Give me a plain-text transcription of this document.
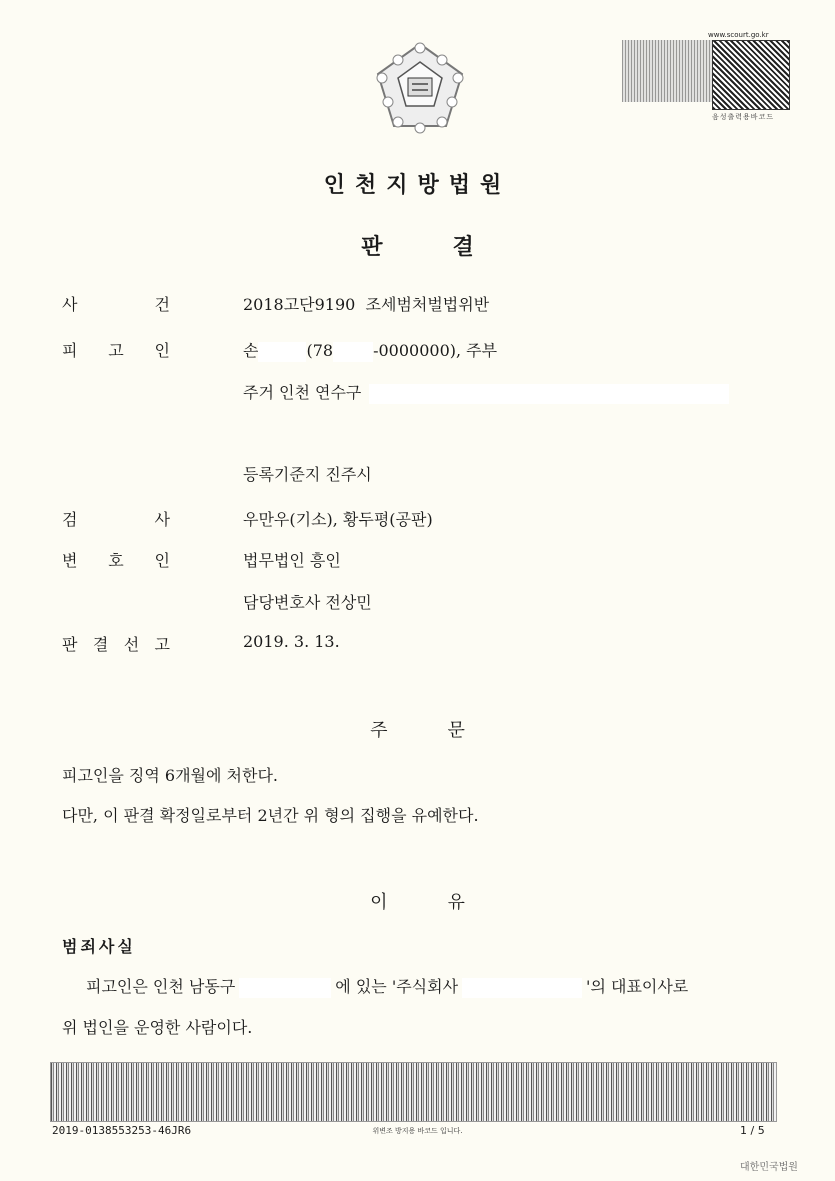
www.scourt.go.kr
음성출력용바코드
인천지방법원
판결
사	건	2018고단9190 조세범처벌법위반
피 고 인	손	(78	-0000000), 주부
주거 인천 연수구
등록기준지 진주시
검	사	우만우(기소), 황두평(공판)
변 호 인	법무법인 흥인
담당변호사 전상민
판 결 선 고	2019. 3. 13.
주문
피고인을 징역 6개월에 처한다.
다만, 이 판결 확정일로부터 2년간 위 형의 집행을 유예한다.
이유
범죄사실
피고인은 인천 남동구	에 있는 '주식회사	'의 대표이사로
위 법인을 운영한 사람이다.
2019-0138553253-46JR6	위변조 방지용 바코드 입니다.	1 / 5
대한민국법원
